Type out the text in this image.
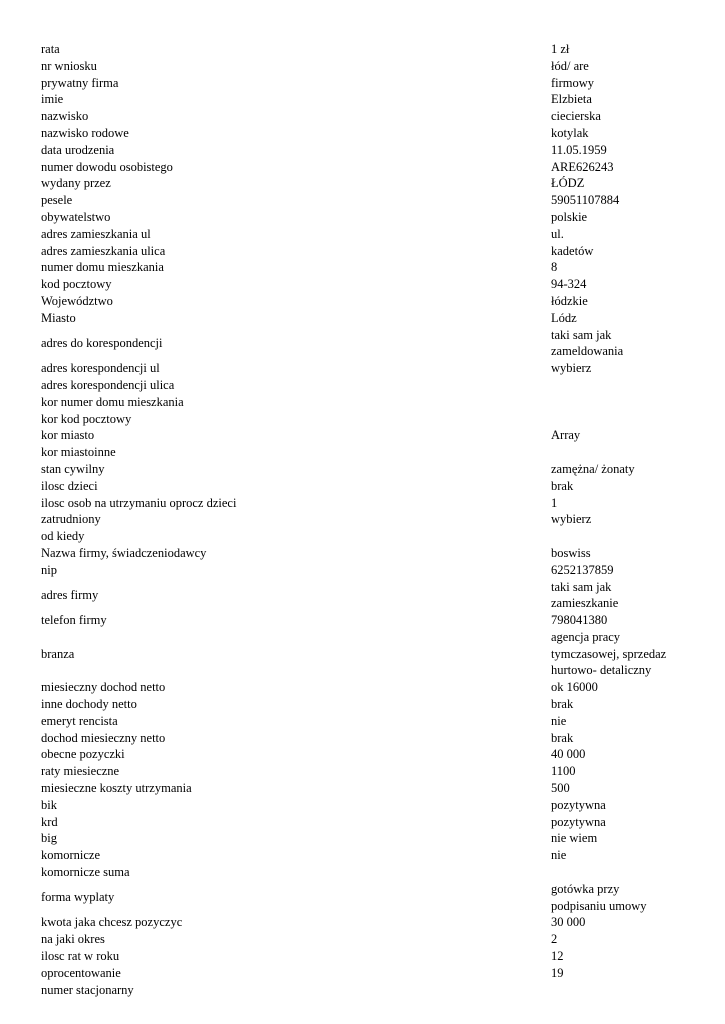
rata	1 zł
nr wniosku	łód/ are
prywatny firma	firmowy
imie	Elzbieta
nazwisko	ciecierska
nazwisko rodowe	kotylak
data urodzenia	11.05.1959
numer dowodu osobistego	ARE626243
wydany przez	ŁÓDZ
pesele	59051107884
obywatelstwo	polskie
adres zamieszkania ul	ul.
adres zamieszkania ulica	kadetów
numer domu mieszkania	8
kod pocztowy	94-324
Województwo	łódzkie
Miasto	Lódz
adres do korespondencji	taki sam jak
zameldowania
adres korespondencji ul	wybierz
adres korespondencji ulica	
kor numer domu mieszkania	
kor kod pocztowy	
kor miasto	Array
kor miastoinne	
stan cywilny	zamężna/ żonaty
ilosc dzieci	brak
ilosc osob na utrzymaniu oprocz dzieci	1
zatrudniony	wybierz
od kiedy	
Nazwa firmy, świadczeniodawcy	boswiss
nip	6252137859
adres firmy	taki sam jak
zamieszkanie
telefon firmy	798041380
branza	agencja pracy
tymczasowej, sprzedaz
hurtowo- detaliczny
miesieczny dochod netto	ok 16000
inne dochody netto	brak
emeryt rencista	nie
dochod miesieczny netto	brak
obecne pozyczki	40 000
raty miesieczne	1100
miesieczne koszty utrzymania	500
bik	pozytywna
krd	pozytywna
big	nie wiem
komornicze	nie
komornicze suma	
forma wyplaty	gotówka przy
podpisaniu umowy
kwota jaka chcesz pozyczyc	30 000
na jaki okres	2
ilosc rat w roku	12
oprocentowanie	19
numer stacjonarny	
